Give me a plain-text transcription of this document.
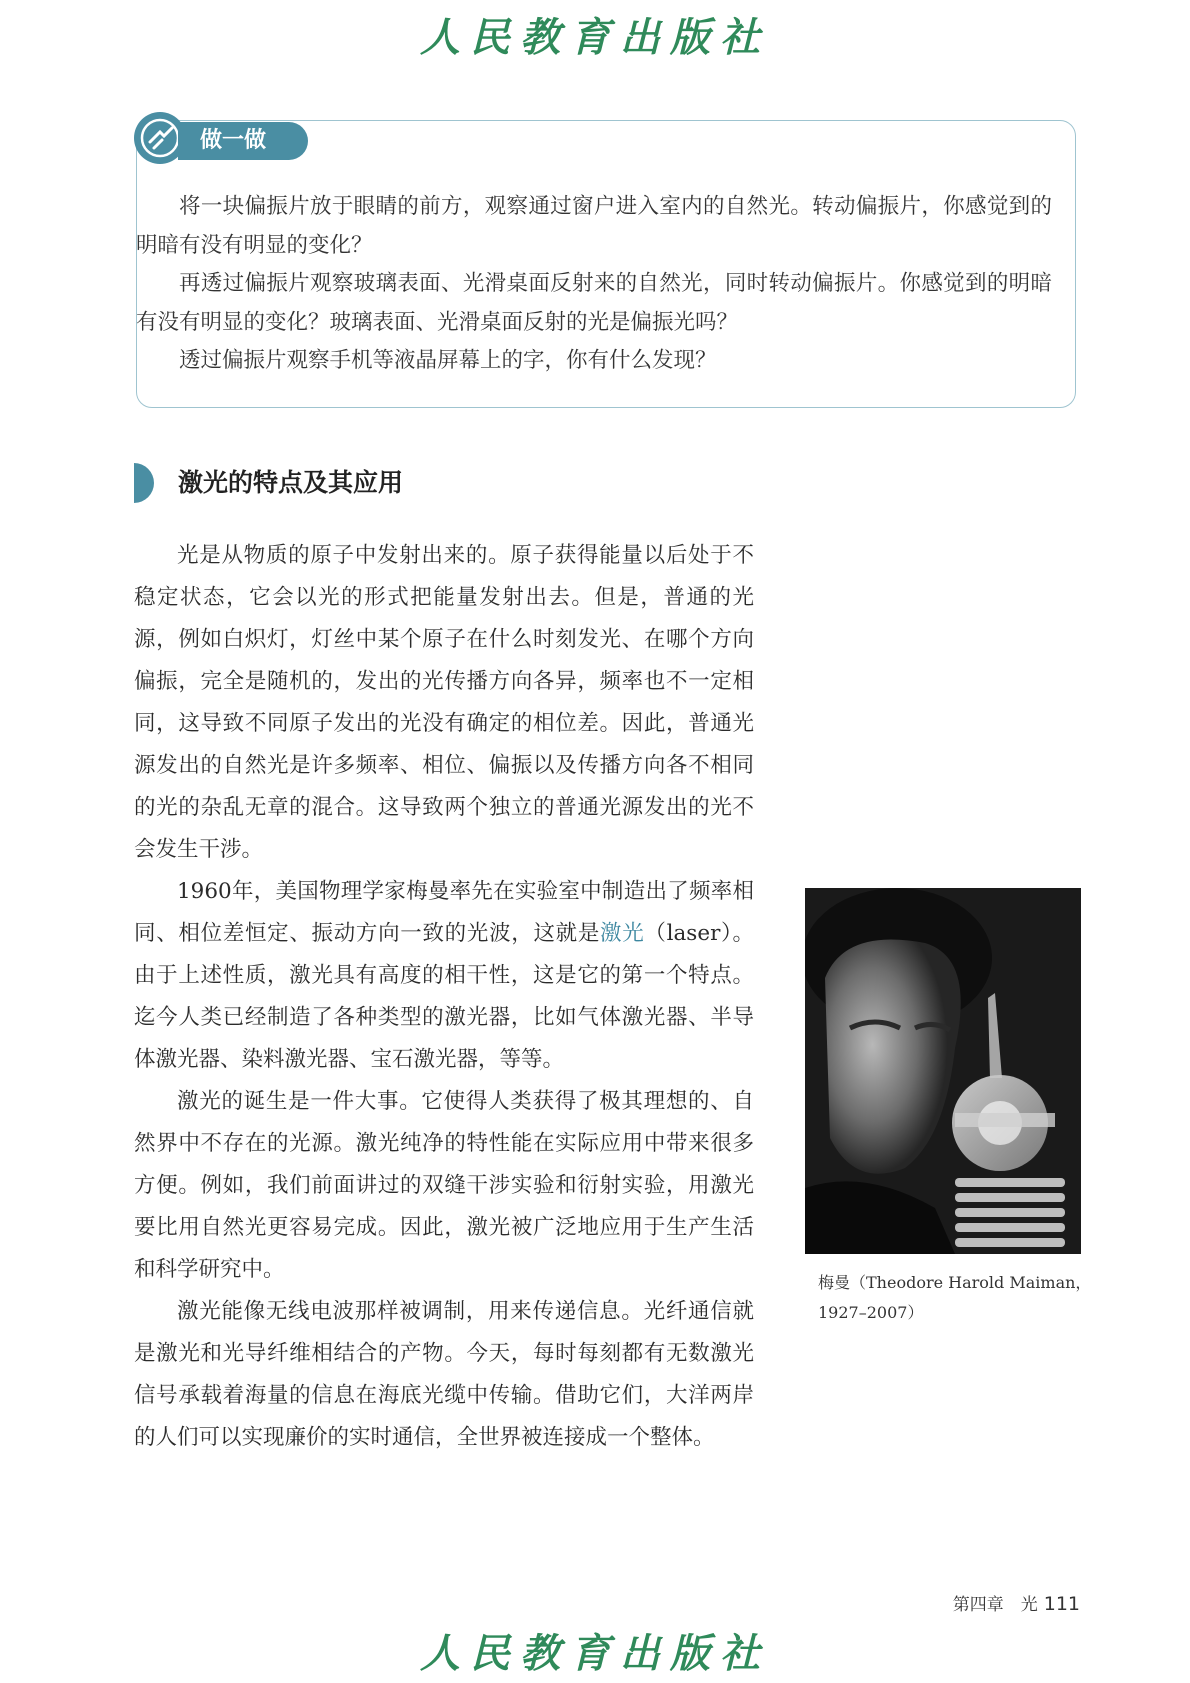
人民教育出版社
做一做

将一块偏振片放于眼睛的前方，观察通过窗户进入室内的自然光。转动偏振片，你感觉到的明暗有没有明显的变化？

再透过偏振片观察玻璃表面、光滑桌面反射来的自然光，同时转动偏振片。你感觉到的明暗有没有明显的变化？玻璃表面、光滑桌面反射的光是偏振光吗？

透过偏振片观察手机等液晶屏幕上的字，你有什么发现？

激光的特点及其应用

光是从物质的原子中发射出来的。原子获得能量以后处于不稳定状态，它会以光的形式把能量发射出去。但是，普通的光源，例如白炽灯，灯丝中某个原子在什么时刻发光、在哪个方向偏振，完全是随机的，发出的光传播方向各异，频率也不一定相同，这导致不同原子发出的光没有确定的相位差。因此，普通光源发出的自然光是许多频率、相位、偏振以及传播方向各不相同的光的杂乱无章的混合。这导致两个独立的普通光源发出的光不会发生干涉。

1960年，美国物理学家梅曼率先在实验室中制造出了频率相同、相位差恒定、振动方向一致的光波，这就是激光（laser）。由于上述性质，激光具有高度的相干性，这是它的第一个特点。迄今人类已经制造了各种类型的激光器，比如气体激光器、半导体激光器、染料激光器、宝石激光器，等等。

激光的诞生是一件大事。它使得人类获得了极其理想的、自然界中不存在的光源。激光纯净的特性能在实际应用中带来很多方便。例如，我们前面讲过的双缝干涉实验和衍射实验，用激光要比用自然光更容易完成。因此，激光被广泛地应用于生产生活和科学研究中。

激光能像无线电波那样被调制，用来传递信息。光纤通信就是激光和光导纤维相结合的产物。今天，每时每刻都有无数激光信号承载着海量的信息在海底光缆中传输。借助它们，大洋两岸的人们可以实现廉价的实时通信，全世界被连接成一个整体。

梅曼（Theodore Harold Maiman，
1927–2007）
第四章　光 111
人民教育出版社
